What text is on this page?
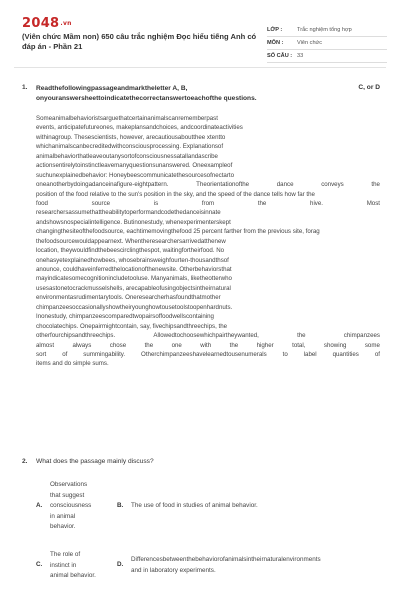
2048.vn
(Viên chức Mầm non) 650 câu trắc nghiệm Đọc hiểu tiếng Anh có đáp án - Phần 21
LỚP :	Trắc nghiệm tổng hợp
MÔN :	Viên chức
SỐ CÂU : 33
1. Readthefollowingpassageandmarktheletter A, B,
onyouranswersheettoindicatethecorrectanswertoeachofthe questions.
C, or D
Someanimalbehavioristsarguethatcertainanimalscanrememberpast
events, anticipatefutureones, makeplansandchoices, andcoordinateactivities
withinagroup. Thesescientists, however, arecautiousaboutthee xtentto
whichanimalscanbecreditedwithconsciousprocessing. Explanationsof
animalbehaviorthatleaveoutanysortofconsciousnessatallandascribe
actionsentirelytoinstinctleavemanyquestionsunanswered. Oneexampleof
suchunexplainedbehavior: Honeybeescommunicatethesourcesofnectarto
oneanotherbydoingadanceinafigure-eightpattern.	Theorientationofthe	dance	conveys	the
position of the food relative to the sun's position in the sky, and the speed of the dance tells how far the
food	source	is	from	the	hive.	Most
researchersassumethattheabilitytoperformandcodethedanceisinnate
andshowsnospecialintelligence. Butinonestudy, whenexperimenterskept
changingthesiteofthefoodsource, eachtimemovingthefood 25 percent farther from the previous site, forag
thefoodsourcewouldappearnext. Whentheresearchersarrivedatthenew
location, theywouldfindthebeescirclingthespot, waitingfortheirfood. No
onehasyetexplainedhowbees, whosebrainsweighfourten-thousandthsof
anounce, couldhaveinferredthelocationofthenewsite. Otherbehaviorsthat
mayindicatesomecognitionincludetooluse. Manyanimals, liketheotterwho
usesastonetocrackmusselshells, arecapableofusingobjectsintheirnatural
environmentasrudimentarytools. Oneresearcherhasfoundthatmother
chimpanzeesoccasionallyshowtheiryounghowtousetoolstoopenhardnuts.
Inonestudy, chimpanzeescomparedtwopairsoffoodwellscontaining
chocolatechips. Onepairmightcontain, say, fivechipsandthreechips, the
otherfourchipsandthreechips.	Allowedtochoosewhichpairtheywanted,	the	chimpanzees
almost	always	chose	the	one	with	the	higher	total,	showing	some
sort	of	summingability.	Otherchimpanzeeshavelearnedtousenumerals	to	label	quantities	of
items and do simple sums.
2. What does the passage mainly discuss?
A.
Observations
that suggest
consciousness
in animal
behavior.
B. The use of food in studies of animal behavior.
C.
The role of
instinct in
animal behavior.
D.
Differencesbetweenthebehaviorofanimalsintheirnaturalenvironments
and in laboratory experiments.
